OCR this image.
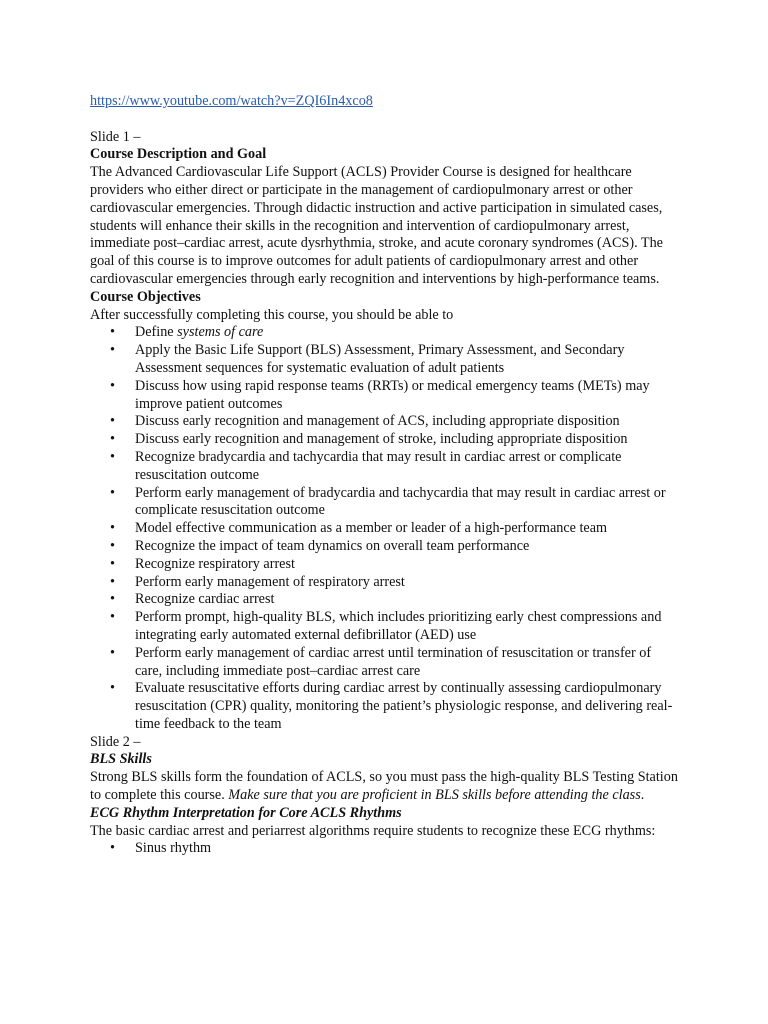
https://www.youtube.com/watch?v=ZQI6In4xco8

Slide 1 –

Course Description and Goal

The Advanced Cardiovascular Life Support (ACLS) Provider Course is designed for healthcare providers who either direct or participate in the management of cardiopulmonary arrest or other cardiovascular emergencies. Through didactic instruction and active participation in simulated cases, students will enhance their skills in the recognition and intervention of cardiopulmonary arrest, immediate post–cardiac arrest, acute dysrhythmia, stroke, and acute coronary syndromes (ACS). The goal of this course is to improve outcomes for adult patients of cardiopulmonary arrest and other cardiovascular emergencies through early recognition and interventions by high-performance teams.

Course Objectives

After successfully completing this course, you should be able to

• Define systems of care
• Apply the Basic Life Support (BLS) Assessment, Primary Assessment, and Secondary Assessment sequences for systematic evaluation of adult patients
• Discuss how using rapid response teams (RRTs) or medical emergency teams (METs) may improve patient outcomes
• Discuss early recognition and management of ACS, including appropriate disposition
• Discuss early recognition and management of stroke, including appropriate disposition
• Recognize bradycardia and tachycardia that may result in cardiac arrest or complicate resuscitation outcome
• Perform early management of bradycardia and tachycardia that may result in cardiac arrest or complicate resuscitation outcome
• Model effective communication as a member or leader of a high-performance team
• Recognize the impact of team dynamics on overall team performance
• Recognize respiratory arrest
• Perform early management of respiratory arrest
• Recognize cardiac arrest
• Perform prompt, high-quality BLS, which includes prioritizing early chest compressions and integrating early automated external defibrillator (AED) use
• Perform early management of cardiac arrest until termination of resuscitation or transfer of care, including immediate post–cardiac arrest care
• Evaluate resuscitative efforts during cardiac arrest by continually assessing cardiopulmonary resuscitation (CPR) quality, monitoring the patient’s physiologic response, and delivering real-time feedback to the team

Slide 2 –

BLS Skills

Strong BLS skills form the foundation of ACLS, so you must pass the high-quality BLS Testing Station to complete this course. Make sure that you are proficient in BLS skills before attending the class.

ECG Rhythm Interpretation for Core ACLS Rhythms

The basic cardiac arrest and periarrest algorithms require students to recognize these ECG rhythms:

• Sinus rhythm
